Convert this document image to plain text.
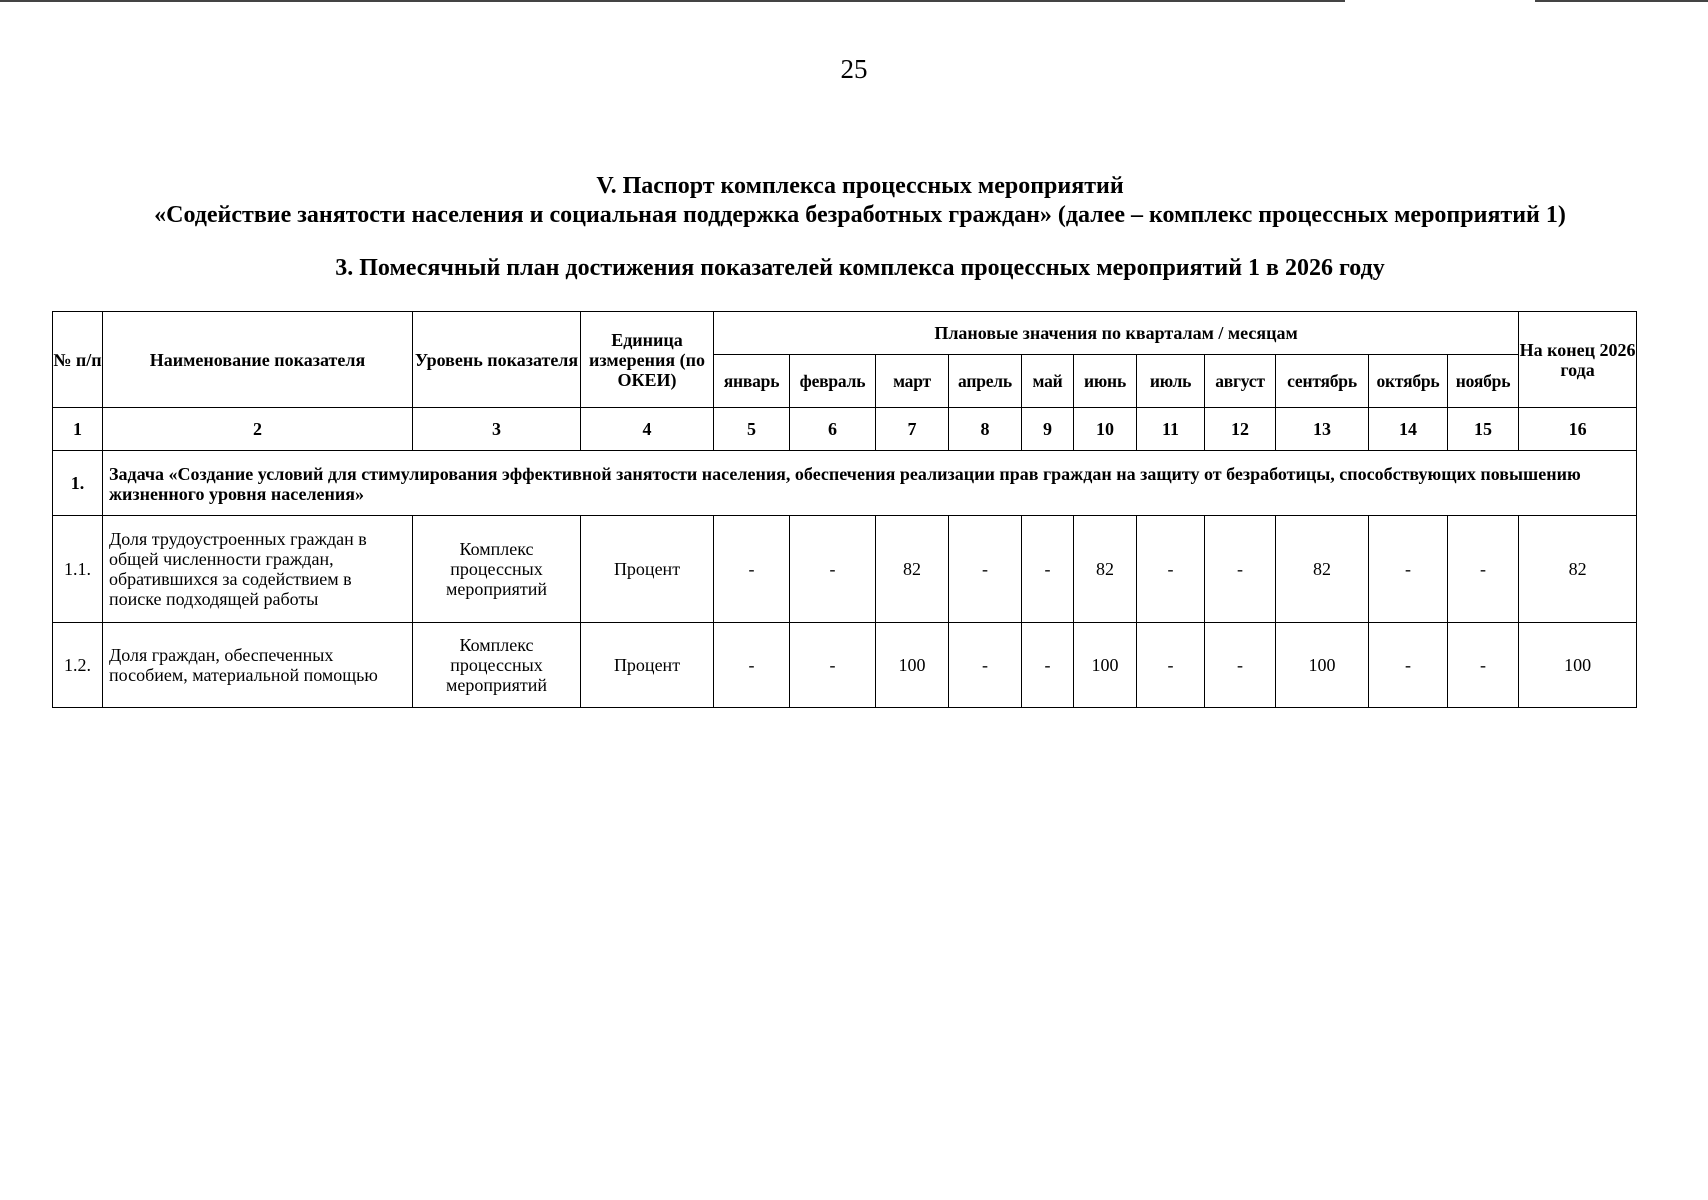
25
V. Паспорт комплекса процессных мероприятий
«Содействие занятости населения и социальная поддержка безработных граждан» (далее – комплекс процессных мероприятий 1)
3. Помесячный план достижения показателей комплекса процессных мероприятий 1 в 2026 году
№ п/п	Наименование показателя	Уровень показателя	Единица измерения (по ОКЕИ)	Плановые значения по кварталам / месяцам											На конец 2026 года
				январь	февраль	март	апрель	май	июнь	июль	август	сентябрь	октябрь	ноябрь	
1	2	3	4	5	6	7	8	9	10	11	12	13	14	15	16
1.	Задача «Создание условий для стимулирования эффективной занятости населения, обеспечения реализации прав граждан на защиту от безработицы, способствующих повышению жизненного уровня населения»														
1.1.	Доля трудоустроенных граждан в общей численности граждан, обратившихся за содействием в поиске подходящей работы	Комплекс процессных мероприятий	Процент	-	-	82	-	-	82	-	-	82	-	-	82
1.2.	Доля граждан, обеспеченных пособием, материальной помощью	Комплекс процессных мероприятий	Процент	-	-	100	-	-	100	-	-	100	-	-	100
